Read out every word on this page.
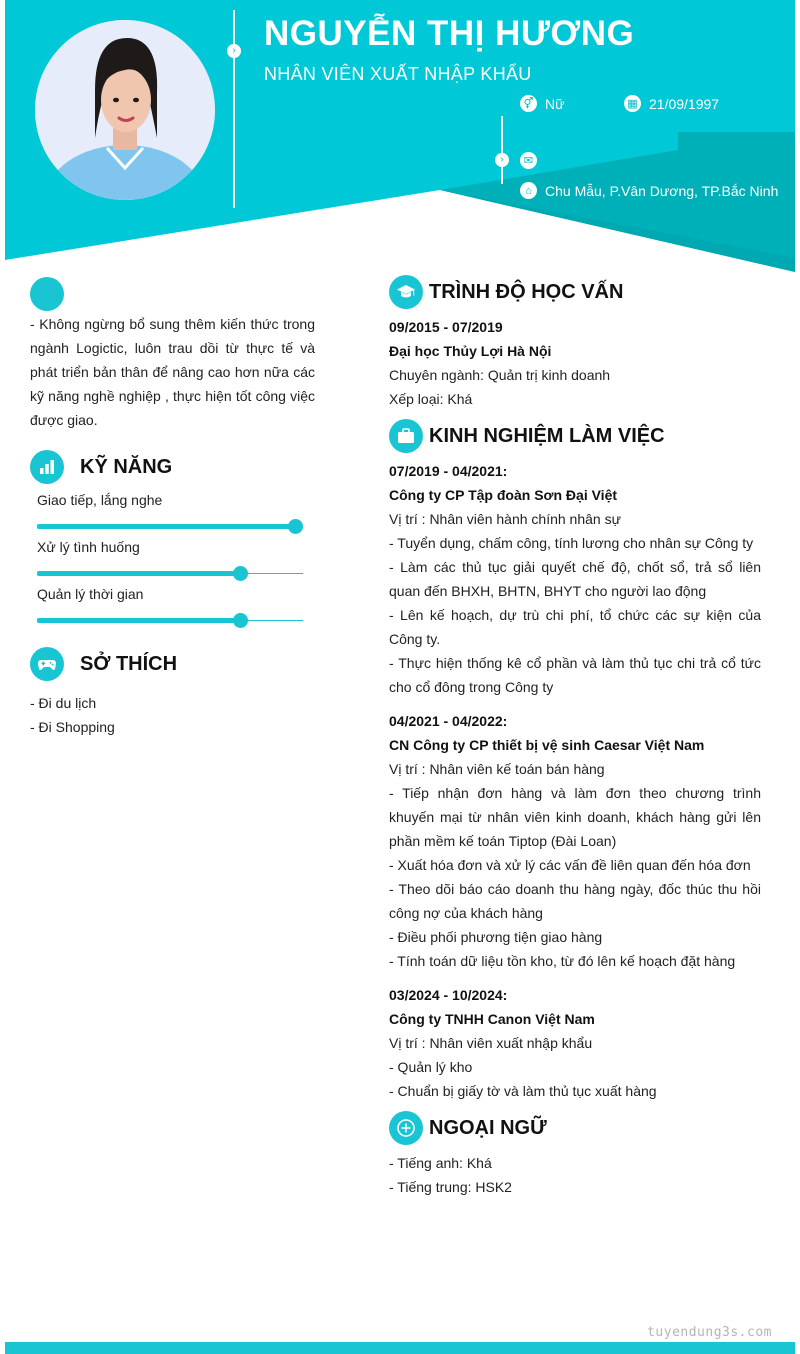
›
›
NGUYỄN THỊ HƯƠNG
NHÂN VIÊN XUẤT NHẬP KHẨU
⚥ Nữ	▦ 21/09/1997
✉
⌂ Chu Mẫu, P.Vân Dương, TP.Bắc Ninh
- Không ngừng bổ sung thêm kiến thức trong ngành Logictic, luôn trau dồi từ thực tế và phát triển bản thân để nâng cao hơn nữa các kỹ năng nghề nghiệp , thực hiện tốt công việc được giao.
KỸ NĂNG
Giao tiếp, lắng nghe
Xử lý tình huống
Quản lý thời gian
SỞ THÍCH
- Đi du lịch
- Đi Shopping
TRÌNH ĐỘ HỌC VẤN
09/2015 - 07/2019
Đại học Thủy Lợi Hà Nội
Chuyên ngành: Quản trị kinh doanh
Xếp loại: Khá
KINH NGHIỆM LÀM VIỆC
07/2019 - 04/2021:
Công ty CP Tập đoàn Sơn Đại Việt
Vị trí : Nhân viên hành chính nhân sự
- Tuyển dụng, chấm công, tính lương cho nhân sự Công ty
- Làm các thủ tục giải quyết chế độ, chốt sổ, trả sổ liên quan đến BHXH, BHTN, BHYT cho người lao động
- Lên kế hoạch, dự trù chi phí, tổ chức các sự kiện của Công ty.
- Thực hiện thống kê cổ phần và làm thủ tục chi trả cổ tức cho cổ đông trong Công ty
04/2021 - 04/2022:
CN Công ty CP thiết bị vệ sinh Caesar Việt Nam
Vị trí : Nhân viên kế toán bán hàng
- Tiếp nhận đơn hàng và làm đơn theo chương trình khuyến mại từ nhân viên kinh doanh, khách hàng gửi lên phần mềm kế toán Tiptop (Đài Loan)
- Xuất hóa đơn và xử lý các vấn đề liên quan đến hóa đơn
- Theo dõi báo cáo doanh thu hàng ngày, đốc thúc thu hồi công nợ của khách hàng
- Điều phối phương tiện giao hàng
- Tính toán dữ liệu tồn kho, từ đó lên kế hoạch đặt hàng
03/2024 - 10/2024:
Công ty TNHH Canon Việt Nam
Vị trí : Nhân viên xuất nhập khẩu
- Quản lý kho
- Chuẩn bị giấy tờ và làm thủ tục xuất hàng
NGOẠI NGỮ
- Tiếng anh: Khá
- Tiếng trung: HSK2
tuyendung3s.com
